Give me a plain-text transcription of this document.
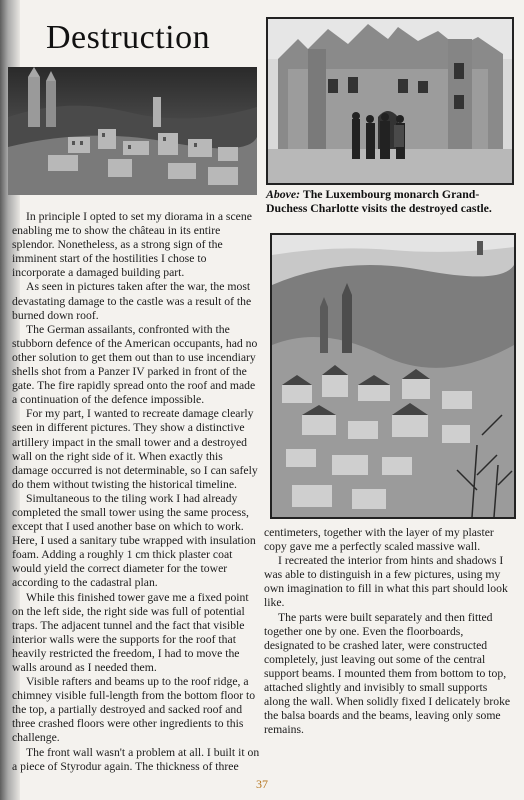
Destruction
Above: The Luxembourg monarch Grand-Duchess Charlotte visits the destroyed castle.

In principle I opted to set my diorama in a scene enabling me to show the château in its entire splendor. Nonetheless, as a strong sign of the imminent start of the hostilities I chose to incorporate a damaged building part.

As seen in pictures taken after the war, the most devastating damage to the castle was a result of the burned down roof.

The German assailants, confronted with the stubborn defence of the American occupants, had no other solution to get them out than to use incendiary shells shot from a Panzer IV parked in front of the gate. The fire rapidly spread onto the roof and made a continuation of the defence impossible.

For my part, I wanted to recreate damage clearly seen in different pictures. They show a distinctive artillery impact in the small tower and a destroyed wall on the right side of it. When exactly this damage occurred is not determinable, so I can safely do them without twisting the historical timeline.

Simultaneous to the tiling work I had already completed the small tower using the same process, except that I used another base on which to work. Here, I used a sanitary tube wrapped with insulation foam. Adding a roughly 1 cm thick plaster coat would yield the correct diameter for the tower according to the cadastral plan.

While this finished tower gave me a fixed point on the left side, the right side was full of potential traps. The adjacent tunnel and the fact that visible interior walls were the supports for the roof that heavily restricted the freedom, I had to move the walls around as I needed them.

Visible rafters and beams up to the roof ridge, a chimney visible full-length from the bottom floor to the top, a partially destroyed and sacked roof and three crashed floors were other ingredients to this challenge.

The front wall wasn't a problem at all. I built it on a piece of Styrodur again. The thickness of three

centimeters, together with the layer of my plaster copy gave me a perfectly scaled massive wall.

I recreated the interior from hints and shadows I was able to distinguish in a few pictures, using my own imagination to fill in what this part should look like.

The parts were built separately and then fitted together one by one. Even the floorboards, designated to be crashed later, were constructed completely, just leaving out some of the central support beams. I mounted them from bottom to top, attached slightly and invisibly to small supports along the wall. When solidly fixed I delicately broke the balsa boards and the beams, leaving only some remains.

37
